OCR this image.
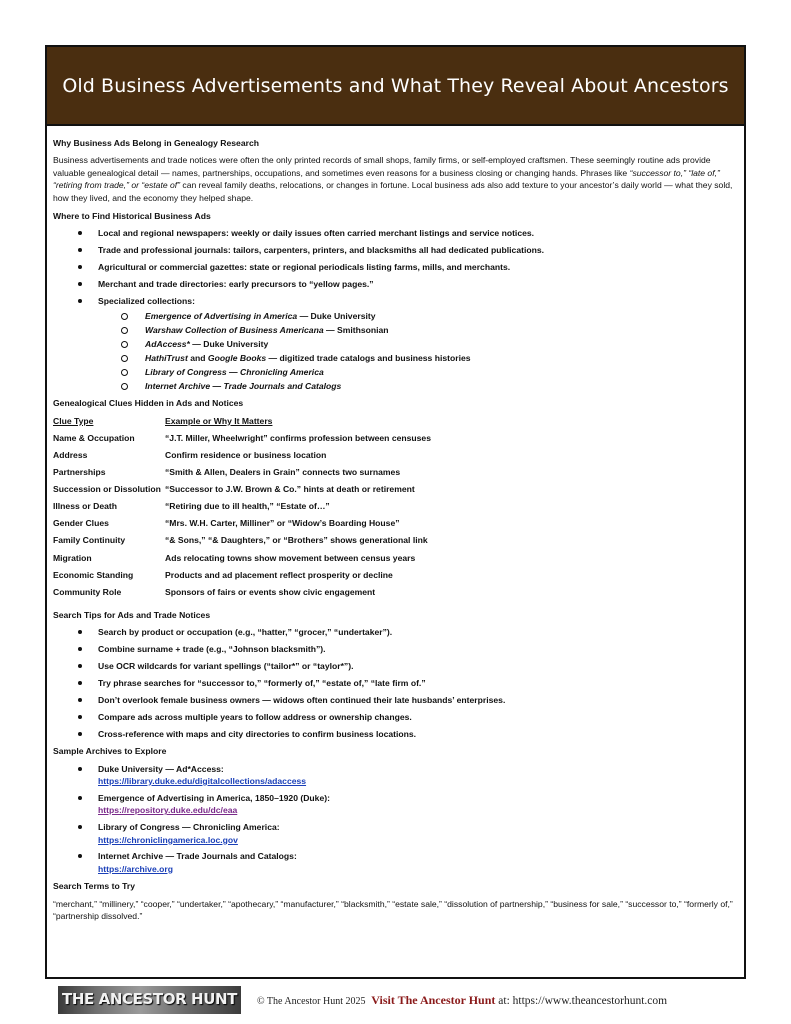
Old Business Advertisements and What They Reveal About Ancestors
Why Business Ads Belong in Genealogy Research
Business advertisements and trade notices were often the only printed records of small shops, family firms, or self-employed craftsmen. These seemingly routine ads provide valuable genealogical detail — names, partnerships, occupations, and sometimes even reasons for a business closing or changing hands. Phrases like “successor to,” “late of,” “retiring from trade,” or “estate of” can reveal family deaths, relocations, or changes in fortune. Local business ads also add texture to your ancestor’s daily world — what they sold, how they lived, and the economy they helped shape.
Where to Find Historical Business Ads
Local and regional newspapers: weekly or daily issues often carried merchant listings and service notices.
Trade and professional journals: tailors, carpenters, printers, and blacksmiths all had dedicated publications.
Agricultural or commercial gazettes: state or regional periodicals listing farms, mills, and merchants.
Merchant and trade directories: early precursors to “yellow pages.”
Specialized collections:
Emergence of Advertising in America — Duke University
Warshaw Collection of Business Americana — Smithsonian
AdAccess* — Duke University
HathiTrust and Google Books — digitized trade catalogs and business histories
Library of Congress — Chronicling America
Internet Archive — Trade Journals and Catalogs
Genealogical Clues Hidden in Ads and Notices
Clue Type	Example or Why It Matters
Name & Occupation	“J.T. Miller, Wheelwright” confirms profession between censuses
Address	Confirm residence or business location
Partnerships	“Smith & Allen, Dealers in Grain” connects two surnames
Succession or Dissolution	“Successor to J.W. Brown & Co.” hints at death or retirement
Illness or Death	“Retiring due to ill health,” “Estate of…”
Gender Clues	“Mrs. W.H. Carter, Milliner” or “Widow’s Boarding House”
Family Continuity	“& Sons,” “& Daughters,” or “Brothers” shows generational link
Migration	Ads relocating towns show movement between census years
Economic Standing	Products and ad placement reflect prosperity or decline
Community Role	Sponsors of fairs or events show civic engagement
Search Tips for Ads and Trade Notices
Search by product or occupation (e.g., “hatter,” “grocer,” “undertaker”).
Combine surname + trade (e.g., “Johnson blacksmith”).
Use OCR wildcards for variant spellings (“tailor*” or “taylor*”).
Try phrase searches for “successor to,” “formerly of,” “estate of,” “late firm of.”
Don’t overlook female business owners — widows often continued their late husbands’ enterprises.
Compare ads across multiple years to follow address or ownership changes.
Cross-reference with maps and city directories to confirm business locations.
Sample Archives to Explore
Duke University — Ad*Access:
https://library.duke.edu/digitalcollections/adaccess
Emergence of Advertising in America, 1850–1920 (Duke):
https://repository.duke.edu/dc/eaa
Library of Congress — Chronicling America:
https://chroniclingamerica.loc.gov
Internet Archive — Trade Journals and Catalogs:
https://archive.org
Search Terms to Try
“merchant,” “millinery,” “cooper,” “undertaker,” “apothecary,” “manufacturer,” “blacksmith,” “estate sale,” “dissolution of partnership,” “business for sale,” “successor to,” “formerly of,” “partnership dissolved.”
THE ANCESTOR HUNT	© The Ancestor Hunt 2025 Visit The Ancestor Hunt at: https://www.theancestorhunt.com
